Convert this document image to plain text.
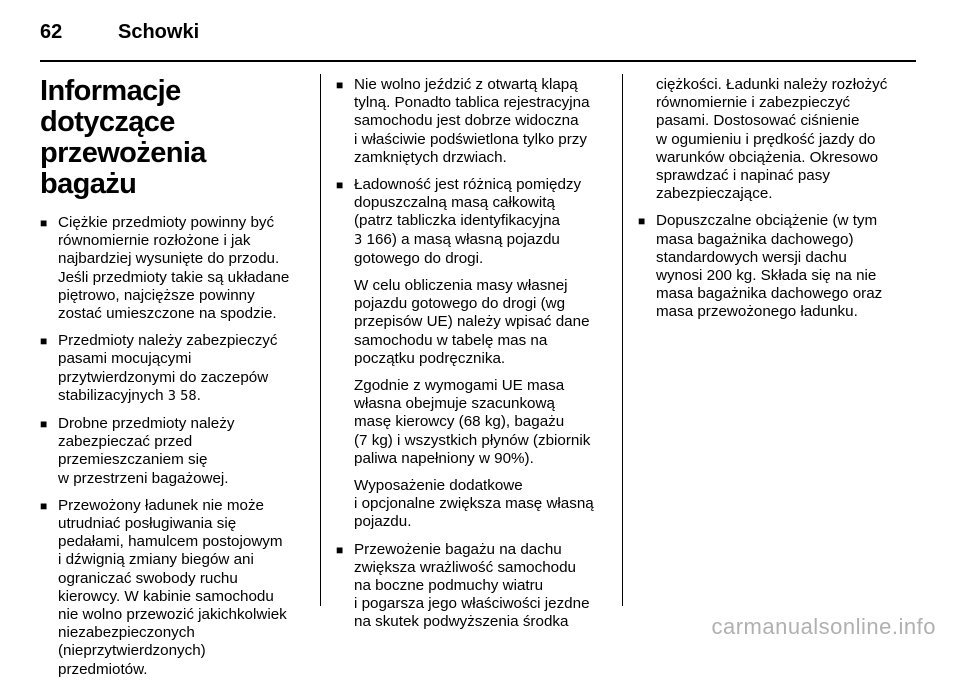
62	Schowki
Informacje dotyczące
przewożenia bagażu
■ Ciężkie przedmioty powinny być
równomiernie rozłożone i jak
najbardziej wysunięte do przodu.
Jeśli przedmioty takie są układane
piętrowo, najcięższe powinny
zostać umieszczone na spodzie.

■ Przedmioty należy zabezpieczyć
pasami mocującymi
przytwierdzonymi do zaczepów
stabilizacyjnych 3 58.

■ Drobne przedmioty należy
zabezpieczać przed
przemieszczaniem się
w przestrzeni bagażowej.

■ Przewożony ładunek nie może
utrudniać posługiwania się
pedałami, hamulcem postojowym
i dźwignią zmiany biegów ani
ograniczać swobody ruchu
kierowcy. W kabinie samochodu
nie wolno przewozić jakichkolwiek
niezabezpieczonych
(nieprzytwierdzonych)
przedmiotów.

■ Nie wolno jeździć z otwartą klapą
tylną. Ponadto tablica rejestracyjna
samochodu jest dobrze widoczna
i właściwie podświetlona tylko przy
zamkniętych drzwiach.

■ Ładowność jest różnicą pomiędzy
dopuszczalną masą całkowitą
(patrz tabliczka identyfikacyjna
3 166) a masą własną pojazdu
gotowego do drogi.

W celu obliczenia masy własnej
pojazdu gotowego do drogi (wg
przepisów UE) należy wpisać dane
samochodu w tabelę mas na
początku podręcznika.

Zgodnie z wymogami UE masa
własna obejmuje szacunkową
masę kierowcy (68 kg), bagażu
(7 kg) i wszystkich płynów (zbiornik
paliwa napełniony w 90%).

Wyposażenie dodatkowe
i opcjonalne zwiększa masę własną
pojazdu.

■ Przewożenie bagażu na dachu
zwiększa wrażliwość samochodu
na boczne podmuchy wiatru
i pogarsza jego właściwości jezdne
na skutek podwyższenia środka

ciężkości. Ładunki należy rozłożyć
równomiernie i zabezpieczyć
pasami. Dostosować ciśnienie
w ogumieniu i prędkość jazdy do
warunków obciążenia. Okresowo
sprawdzać i napinać pasy
zabezpieczające.

■ Dopuszczalne obciążenie (w tym
masa bagażnika dachowego)
standardowych wersji dachu
wynosi 200 kg. Składa się na nie
masa bagażnika dachowego oraz
masa przewożonego ładunku.

carmanualsonline.info
